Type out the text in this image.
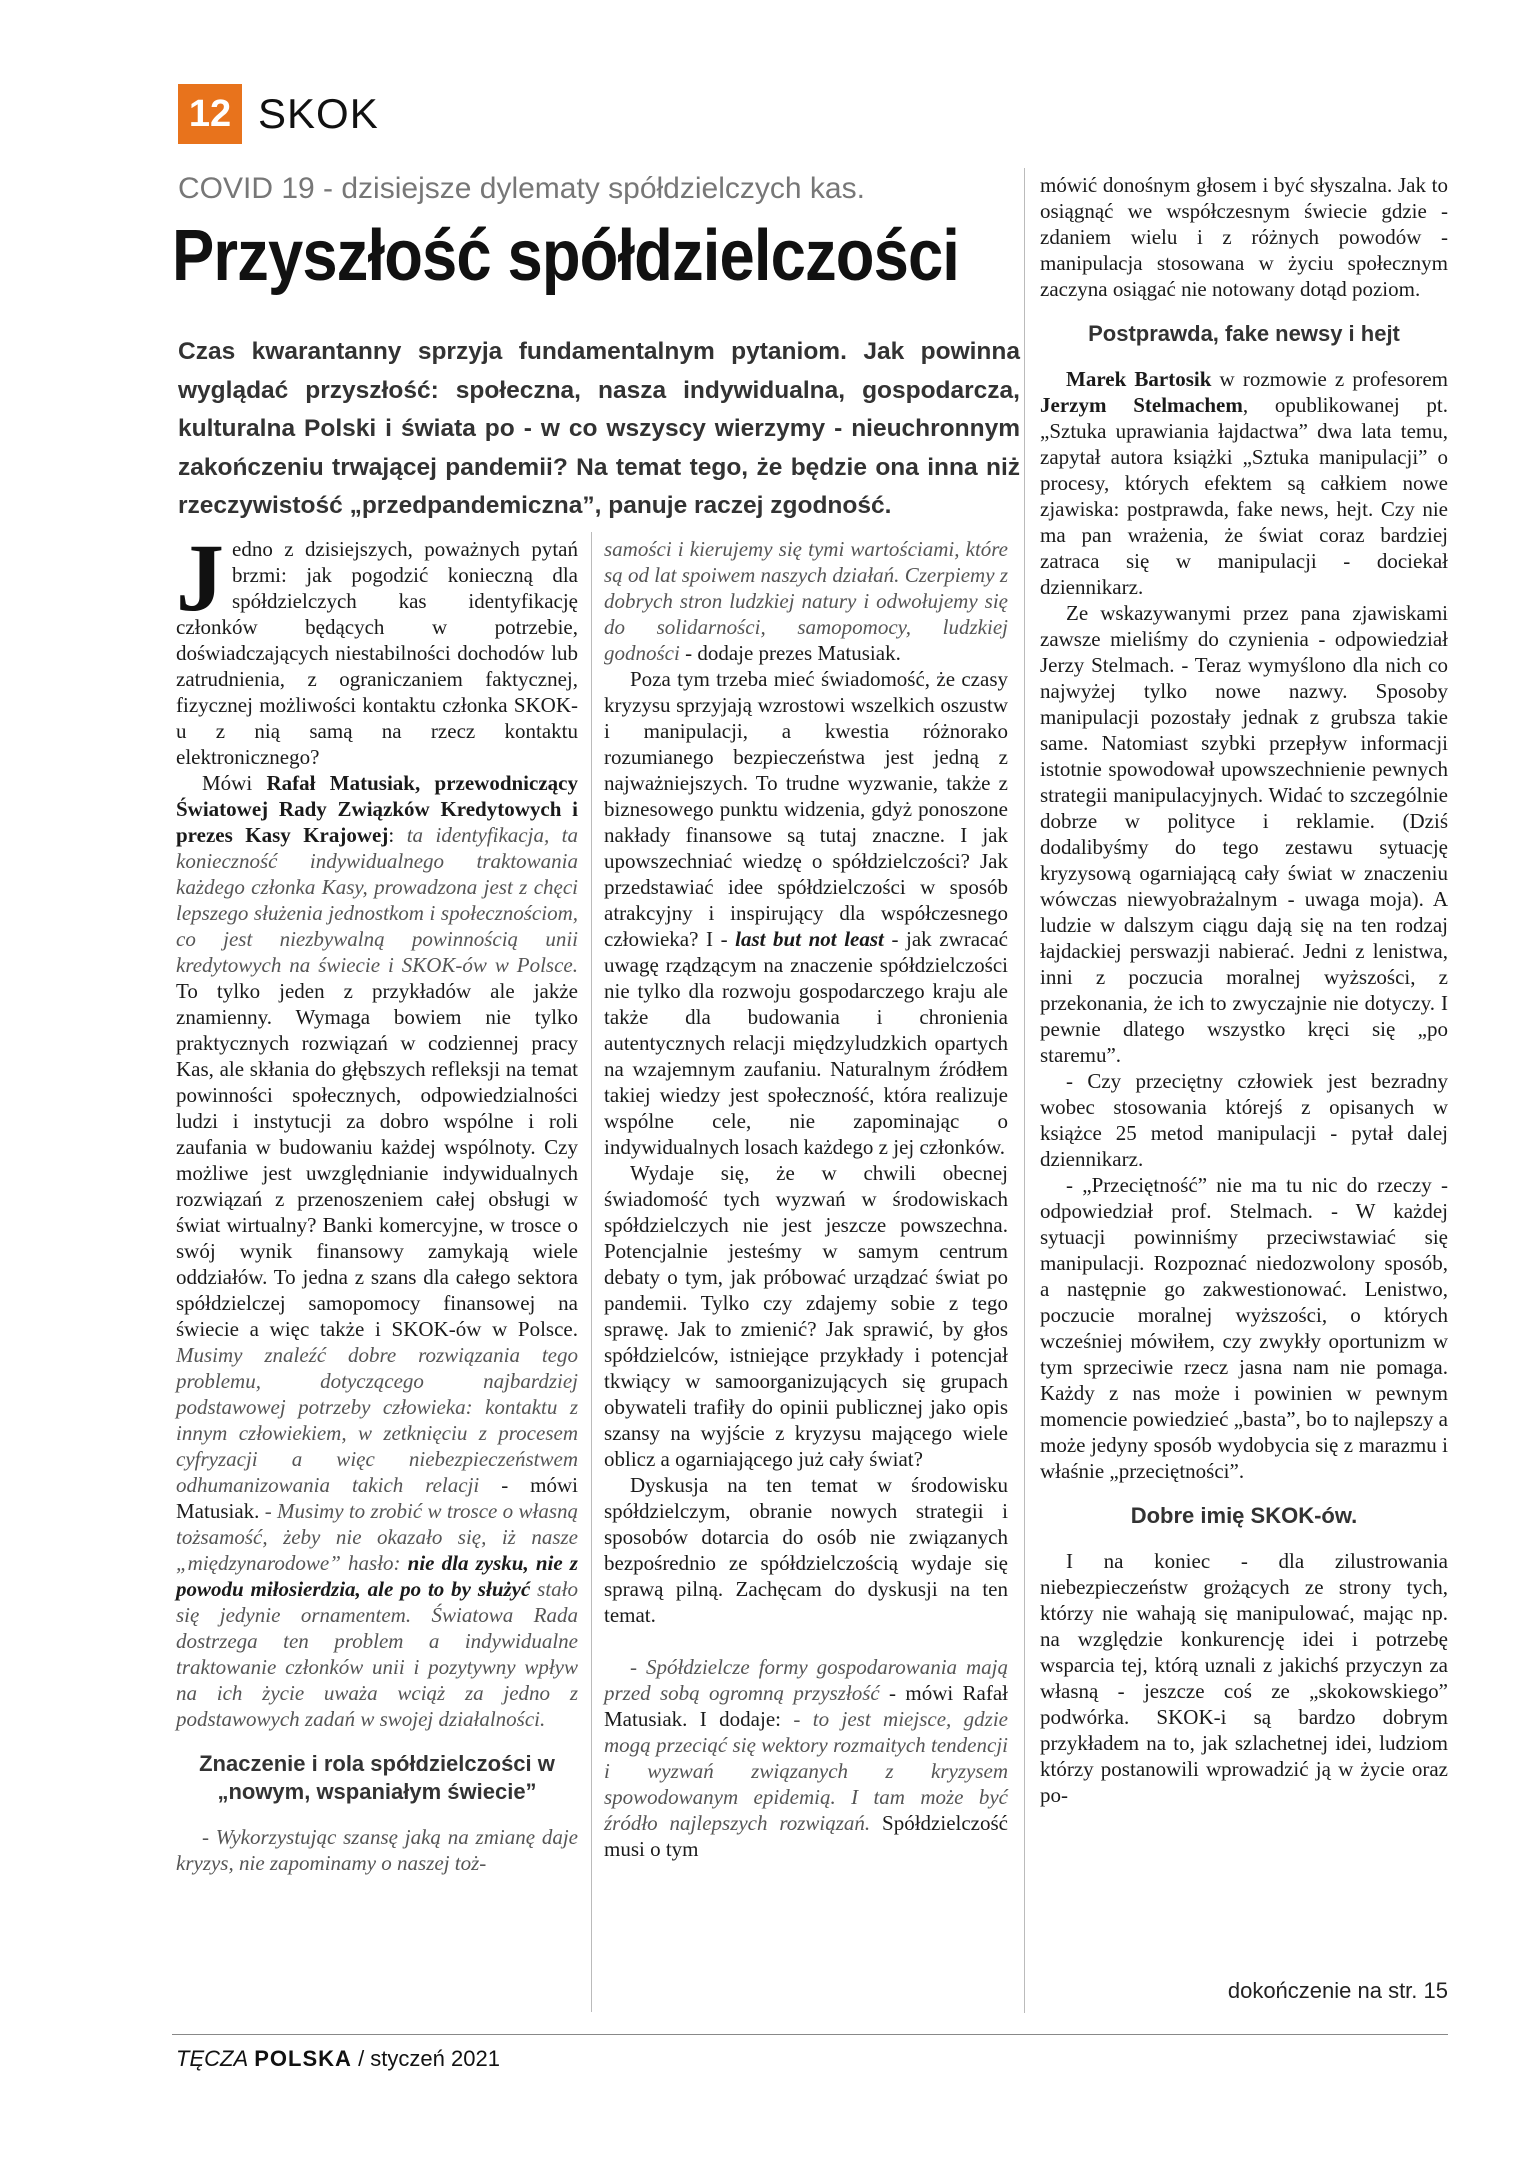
12 SKOK
COVID 19 - dzisiejsze dylematy spółdzielczych kas.
Przyszłość spółdzielczości
Czas kwarantanny sprzyja fundamentalnym pytaniom. Jak powinna wyglądać przyszłość: społeczna, nasza indywidualna, gospodarcza, kulturalna Polski i świata po - w co wszyscy wierzymy - nieuchronnym zakończeniu trwającej pandemii? Na temat tego, że będzie ona inna niż rzeczywistość „przedpandemiczna”, panuje raczej zgodność.

Jedno z dzisiejszych, poważnych pytań brzmi: jak pogodzić konieczną dla spółdzielczych kas identyfikację członków będących w potrzebie, doświadczających niestabilności dochodów lub zatrudnienia, z ograniczaniem faktycznej, fizycznej możliwości kontaktu członka SKOK-u z nią samą na rzecz kontaktu elektronicznego?

Mówi Rafał Matusiak, przewodniczący Światowej Rady Związków Kredytowych i prezes Kasy Krajowej: ta identyfikacja, ta konieczność indywidualnego traktowania każdego członka Kasy, prowadzona jest z chęci lepszego służenia jednostkom i społecznościom, co jest niezbywalną powinnością unii kredytowych na świecie i SKOK-ów w Polsce. To tylko jeden z przykładów ale jakże znamienny. Wymaga bowiem nie tylko praktycznych rozwiązań w codziennej pracy Kas, ale skłania do głębszych refleksji na temat powinności społecznych, odpowiedzialności ludzi i instytucji za dobro wspólne i roli zaufania w budowaniu każdej wspólnoty. Czy możliwe jest uwzględnianie indywidualnych rozwiązań z przenoszeniem całej obsługi w świat wirtualny? Banki komercyjne, w trosce o swój wynik finansowy zamykają wiele oddziałów. To jedna z szans dla całego sektora spółdzielczej samopomocy finansowej na świecie a więc także i SKOK-ów w Polsce. Musimy znaleźć dobre rozwiązania tego problemu, dotyczącego najbardziej podstawowej potrzeby człowieka: kontaktu z innym człowiekiem, w zetknięciu z procesem cyfryzacji a więc niebezpieczeństwem odhumanizowania takich relacji - mówi Matusiak. - Musimy to zrobić w trosce o własną tożsamość, żeby nie okazało się, iż nasze „międzynarodowe” hasło: nie dla zysku, nie z powodu miłosierdzia, ale po to by służyć stało się jedynie ornamentem. Światowa Rada dostrzega ten problem a indywidualne traktowanie członków unii i pozytywny wpływ na ich życie uważa wciąż za jedno z podstawowych zadań w swojej działalności.

Znaczenie i rola spółdzielczości w „nowym, wspaniałym świecie”

- Wykorzystując szansę jaką na zmianę daje kryzys, nie zapominamy o naszej toż-

samości i kierujemy się tymi wartościami, które są od lat spoiwem naszych działań. Czerpiemy z dobrych stron ludzkiej natury i odwołujemy się do solidarności, samopomocy, ludzkiej godności - dodaje prezes Matusiak.

Poza tym trzeba mieć świadomość, że czasy kryzysu sprzyjają wzrostowi wszelkich oszustw i manipulacji, a kwestia różnorako rozumianego bezpieczeństwa jest jedną z najważniejszych. To trudne wyzwanie, także z biznesowego punktu widzenia, gdyż ponoszone nakłady finansowe są tutaj znaczne. I jak upowszechniać wiedzę o spółdzielczości? Jak przedstawiać idee spółdzielczości w sposób atrakcyjny i inspirujący dla współczesnego człowieka? I - last but not least - jak zwracać uwagę rządzącym na znaczenie spółdzielczości nie tylko dla rozwoju gospodarczego kraju ale także dla budowania i chronienia autentycznych relacji międzyludzkich opartych na wzajemnym zaufaniu. Naturalnym źródłem takiej wiedzy jest społeczność, która realizuje wspólne cele, nie zapominając o indywidualnych losach każdego z jej członków.

Wydaje się, że w chwili obecnej świadomość tych wyzwań w środowiskach spółdzielczych nie jest jeszcze powszechna. Potencjalnie jesteśmy w samym centrum debaty o tym, jak próbować urządzać świat po pandemii. Tylko czy zdajemy sobie z tego sprawę. Jak to zmienić? Jak sprawić, by głos spółdzielców, istniejące przykłady i potencjał tkwiący w samoorganizujących się grupach obywateli trafiły do opinii publicznej jako opis szansy na wyjście z kryzysu mającego wiele oblicz a ogarniającego już cały świat?

Dyskusja na ten temat w środowisku spółdzielczym, obranie nowych strategii i sposobów dotarcia do osób nie związanych bezpośrednio ze spółdzielczością wydaje się sprawą pilną. Zachęcam do dyskusji na ten temat.

- Spółdzielcze formy gospodarowania mają przed sobą ogromną przyszłość - mówi Rafał Matusiak. I dodaje: - to jest miejsce, gdzie mogą przeciąć się wektory rozmaitych tendencji i wyzwań związanych z kryzysem spowodowanym epidemią. I tam może być źródło najlepszych rozwiązań. Spółdzielczość musi o tym

mówić donośnym głosem i być słyszalna. Jak to osiągnąć we współczesnym świecie gdzie - zdaniem wielu i z różnych powodów - manipulacja stosowana w życiu społecznym zaczyna osiągać nie notowany dotąd poziom.

Postprawda, fake newsy i hejt

Marek Bartosik w rozmowie z profesorem Jerzym Stelmachem, opublikowanej pt. „Sztuka uprawiania łajdactwa” dwa lata temu, zapytał autora książki „Sztuka manipulacji” o procesy, których efektem są całkiem nowe zjawiska: postprawda, fake news, hejt. Czy nie ma pan wrażenia, że świat coraz bardziej zatraca się w manipulacji - dociekał dziennikarz.

Ze wskazywanymi przez pana zjawiskami zawsze mieliśmy do czynienia - odpowiedział Jerzy Stelmach. - Teraz wymyślono dla nich co najwyżej tylko nowe nazwy. Sposoby manipulacji pozostały jednak z grubsza takie same. Natomiast szybki przepływ informacji istotnie spowodował upowszechnienie pewnych strategii manipulacyjnych. Widać to szczególnie dobrze w polityce i reklamie. (Dziś dodalibyśmy do tego zestawu sytuację kryzysową ogarniającą cały świat w znaczeniu wówczas niewyobrażalnym - uwaga moja). A ludzie w dalszym ciągu dają się na ten rodzaj łajdackiej perswazji nabierać. Jedni z lenistwa, inni z poczucia moralnej wyższości, z przekonania, że ich to zwyczajnie nie dotyczy. I pewnie dlatego wszystko kręci się „po staremu”.

- Czy przeciętny człowiek jest bezradny wobec stosowania którejś z opisanych w książce 25 metod manipulacji - pytał dalej dziennikarz.

- „Przeciętność” nie ma tu nic do rzeczy - odpowiedział prof. Stelmach. - W każdej sytuacji powinniśmy przeciwstawiać się manipulacji. Rozpoznać niedozwolony sposób, a następnie go zakwestionować. Lenistwo, poczucie moralnej wyższości, o których wcześniej mówiłem, czy zwykły oportunizm w tym sprzeciwie rzecz jasna nam nie pomaga. Każdy z nas może i powinien w pewnym momencie powiedzieć „basta”, bo to najlepszy a może jedyny sposób wydobycia się z marazmu i właśnie „przeciętności”.

Dobre imię SKOK-ów.

I na koniec - dla zilustrowania niebezpieczeństw grożących ze strony tych, którzy nie wahają się manipulować, mając np. na względzie konkurencję idei i potrzebę wsparcia tej, którą uznali z jakichś przyczyn za własną - jeszcze coś ze „skokowskiego” podwórka. SKOK-i są bardzo dobrym przykładem na to, jak szlachetnej idei, ludziom którzy postanowili wprowadzić ją w życie oraz po-

dokończenie na str. 15
TĘCZA POLSKA / styczeń 2021
